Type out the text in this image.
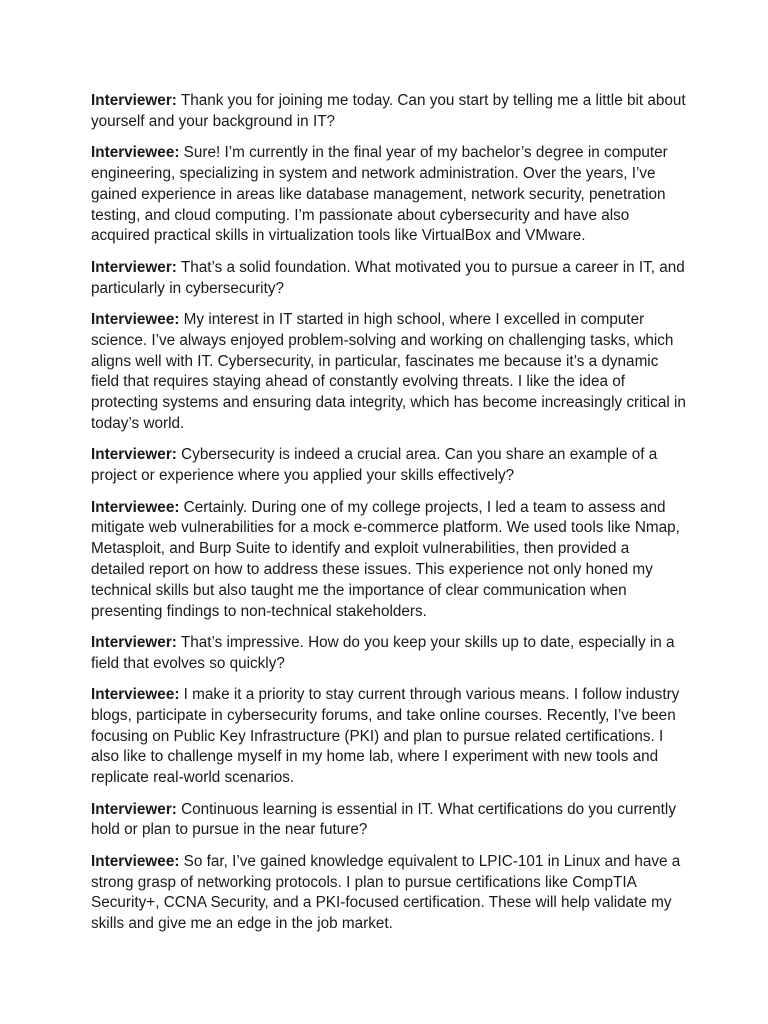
Interviewer: Thank you for joining me today. Can you start by telling me a little bit about yourself and your background in IT?

Interviewee: Sure! I’m currently in the final year of my bachelor’s degree in computer engineering, specializing in system and network administration. Over the years, I’ve gained experience in areas like database management, network security, penetration testing, and cloud computing. I’m passionate about cybersecurity and have also acquired practical skills in virtualization tools like VirtualBox and VMware.

Interviewer: That’s a solid foundation. What motivated you to pursue a career in IT, and particularly in cybersecurity?

Interviewee: My interest in IT started in high school, where I excelled in computer science. I’ve always enjoyed problem-solving and working on challenging tasks, which aligns well with IT. Cybersecurity, in particular, fascinates me because it’s a dynamic field that requires staying ahead of constantly evolving threats. I like the idea of protecting systems and ensuring data integrity, which has become increasingly critical in today’s world.

Interviewer: Cybersecurity is indeed a crucial area. Can you share an example of a project or experience where you applied your skills effectively?

Interviewee: Certainly. During one of my college projects, I led a team to assess and mitigate web vulnerabilities for a mock e-commerce platform. We used tools like Nmap, Metasploit, and Burp Suite to identify and exploit vulnerabilities, then provided a detailed report on how to address these issues. This experience not only honed my technical skills but also taught me the importance of clear communication when presenting findings to non-technical stakeholders.

Interviewer: That’s impressive. How do you keep your skills up to date, especially in a field that evolves so quickly?

Interviewee: I make it a priority to stay current through various means. I follow industry blogs, participate in cybersecurity forums, and take online courses. Recently, I’ve been focusing on Public Key Infrastructure (PKI) and plan to pursue related certifications. I also like to challenge myself in my home lab, where I experiment with new tools and replicate real-world scenarios.

Interviewer: Continuous learning is essential in IT. What certifications do you currently hold or plan to pursue in the near future?

Interviewee: So far, I’ve gained knowledge equivalent to LPIC-101 in Linux and have a strong grasp of networking protocols. I plan to pursue certifications like CompTIA Security+, CCNA Security, and a PKI-focused certification. These will help validate my skills and give me an edge in the job market.
